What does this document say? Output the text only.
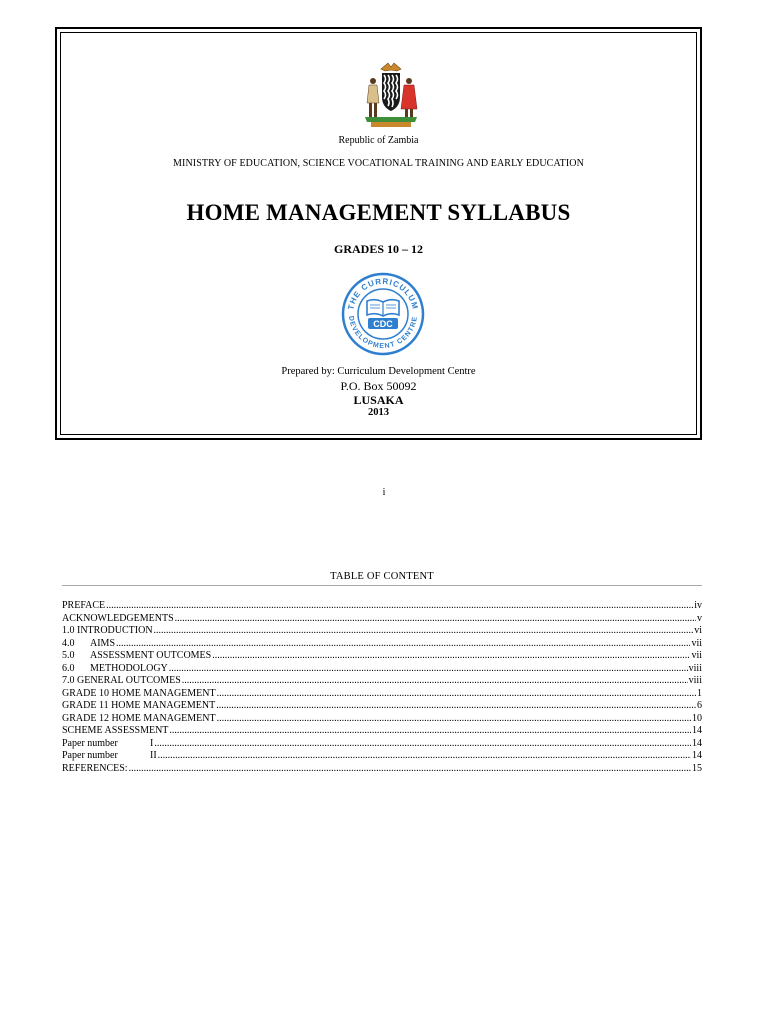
Republic of Zambia
MINISTRY OF EDUCATION, SCIENCE VOCATIONAL TRAINING AND EARLY EDUCATION
HOME MANAGEMENT SYLLABUS
GRADES 10 – 12
THE CURRICULUM
DEVELOPMENT CENTRE
CDC
Prepared by: Curriculum Development Centre
P.O. Box 50092
LUSAKA
2013
i
TABLE OF CONTENT
PREFACE .....	iv
ACKNOWLEDGEMENTS .....	v
1.0 INTRODUCTION .....	vi
4.0 AIMS .....	vii
5.0 ASSESSMENT OUTCOMES .....	vii
6.0 METHODOLOGY .....	viii
7.0 GENERAL OUTCOMES .....	viii
GRADE 10 HOME MANAGEMENT .....	1
GRADE 11 HOME MANAGEMENT .....	6
GRADE 12 HOME MANAGEMENT .....	10
SCHEME ASSESSMENT .....	14
Paper number	I .....	14
Paper number	II .....	14
REFERENCES: .....	15
